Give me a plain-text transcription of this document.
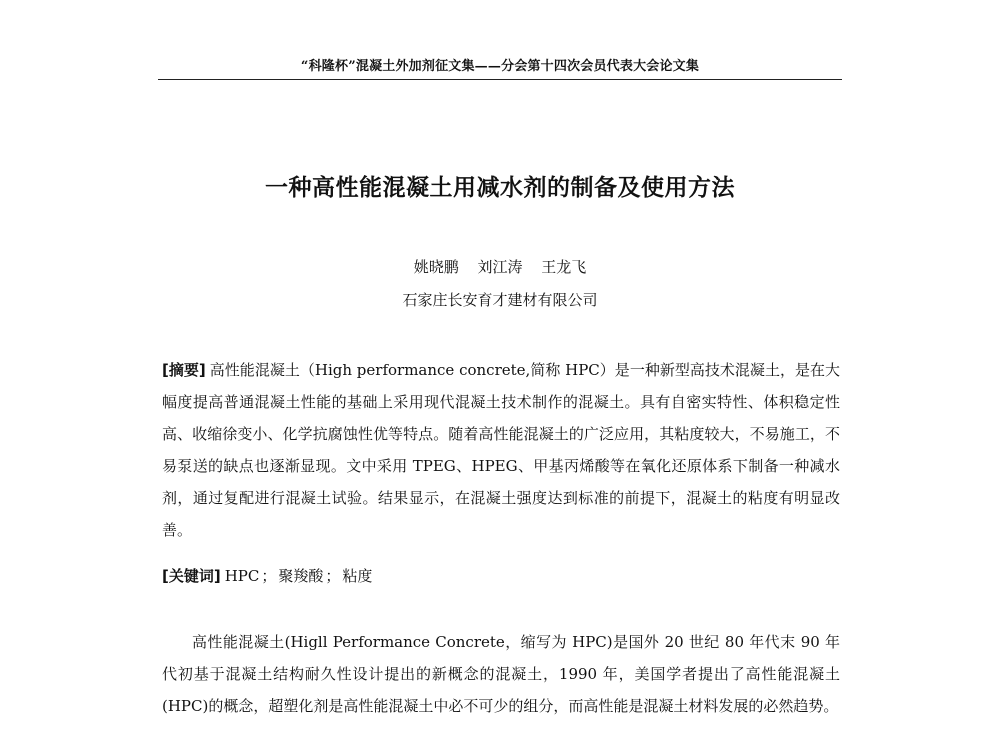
“科隆杯”混凝土外加剂征文集——分会第十四次会员代表大会论文集
一种高性能混凝土用减水剂的制备及使用方法
姚晓鹏 刘江涛 王龙飞
石家庄长安育才建材有限公司
[摘要] 高性能混凝土（High performance concrete,简称 HPC）是一种新型高技术混凝土，是在大幅度提高普通混凝土性能的基础上采用现代混凝土技术制作的混凝土。具有自密实特性、体积稳定性高、收缩徐变小、化学抗腐蚀性优等特点。随着高性能混凝土的广泛应用，其粘度较大，不易施工，不易泵送的缺点也逐渐显现。文中采用 TPEG、HPEG、甲基丙烯酸等在氧化还原体系下制备一种减水剂，通过复配进行混凝土试验。结果显示，在混凝土强度达到标准的前提下，混凝土的粘度有明显改善。
[关键词] HPC ； 聚羧酸 ； 粘度
高性能混凝土(Higll Performance Concrete，缩写为 HPC)是国外 20 世纪 80 年代末 90 年代初基于混凝土结构耐久性设计提出的新概念的混凝土，1990 年，美国学者提出了高性能混凝土(HPC)的概念，超塑化剂是高性能混凝土中必不可少的组分，而高性能是混凝土材料发展的必然趋势。
